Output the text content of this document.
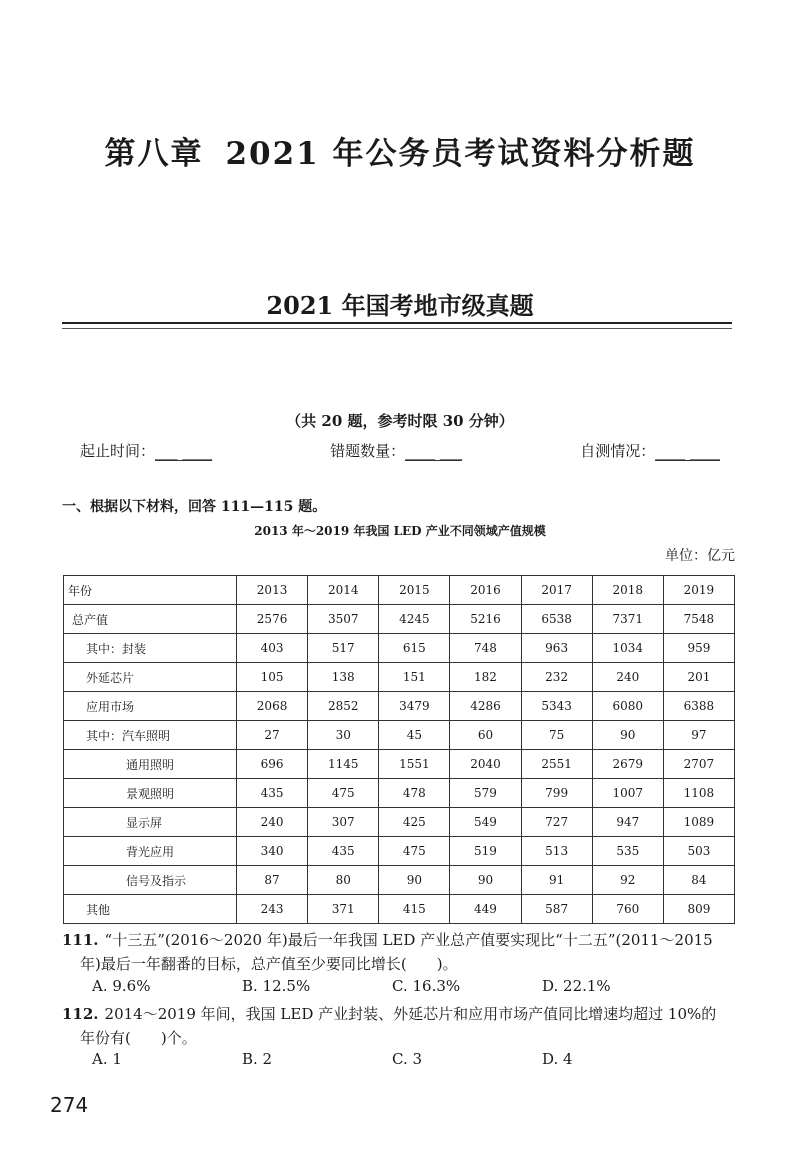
第八章 2021 年公务员考试资料分析题
2021 年国考地市级真题
（共 20 题，参考时限 30 分钟）
起止时间：___ ____	错题数量：____ ___	自测情况：____ ____
一、根据以下材料，回答 111—115 题。
2013 年～2019 年我国 LED 产业不同领域产值规模
单位：亿元
年份	2013	2014	2015	2016	2017	2018	2019
总产值	2576	3507	4245	5216	6538	7371	7548
其中：封装	403	517	615	748	963	1034	959
外延芯片	105	138	151	182	232	240	201
应用市场	2068	2852	3479	4286	5343	6080	6388
其中：汽车照明	27	30	45	60	75	90	97
通用照明	696	1145	1551	2040	2551	2679	2707
景观照明	435	475	478	579	799	1007	1108
显示屏	240	307	425	549	727	947	1089
背光应用	340	435	475	519	513	535	503
信号及指示	87	80	90	90	91	92	84
其他	243	371	415	449	587	760	809
111. “十三五”(2016～2020 年)最后一年我国 LED 产业总产值要实现比“十二五”(2011～2015
年)最后一年翻番的目标，总产值至少要同比增长(　　)。
A. 9.6%	B. 12.5%	C. 16.3%	D. 22.1%
112. 2014～2019 年间，我国 LED 产业封装、外延芯片和应用市场产值同比增速均超过 10%的
年份有(　　)个。
A. 1	B. 2	C. 3	D. 4
274
